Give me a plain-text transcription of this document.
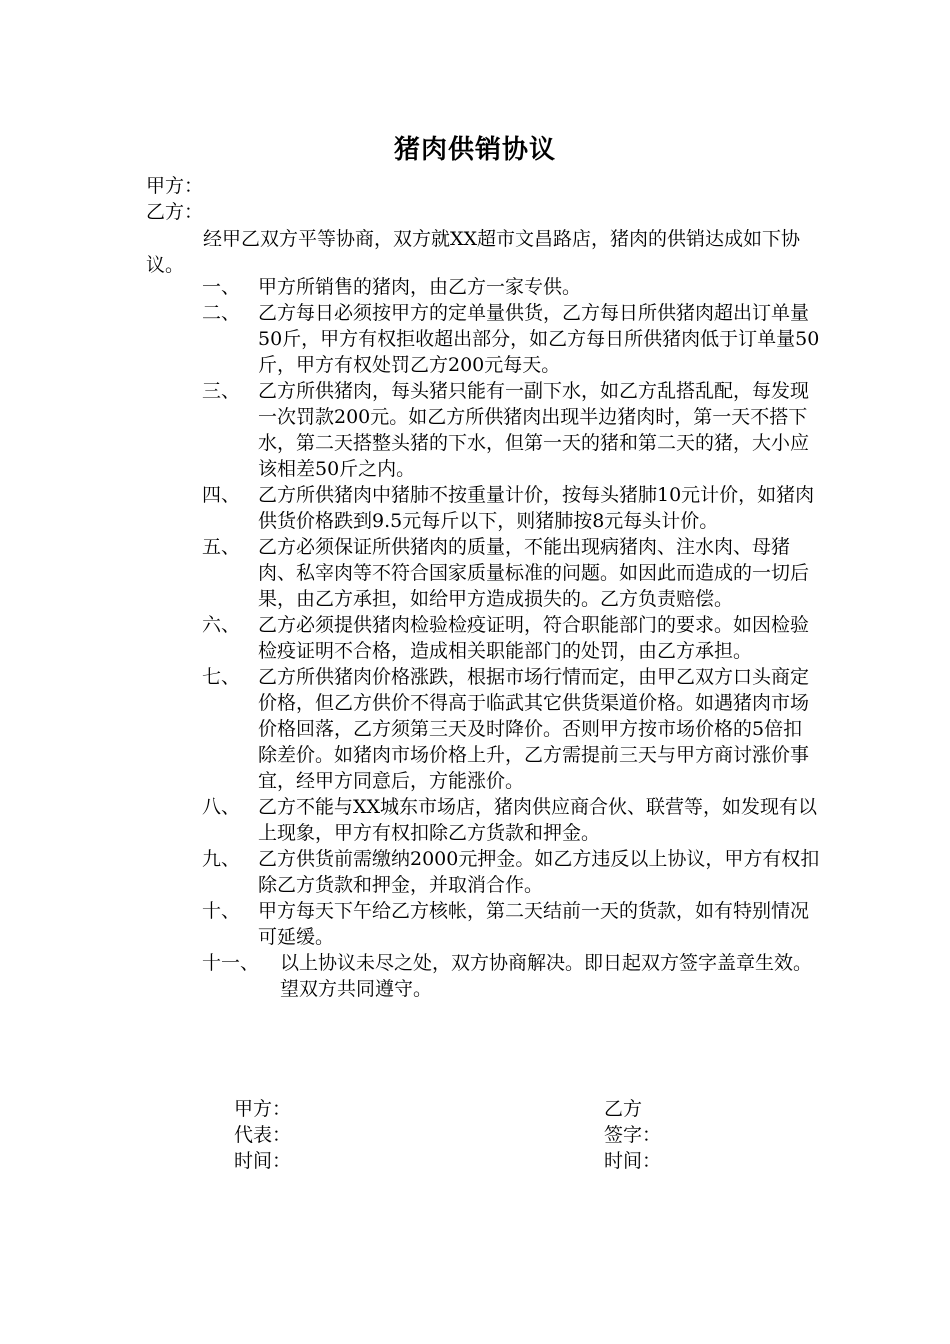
猪肉供销协议
甲方：
乙方：
经甲乙双方平等协商，双方就XX超市文昌路店，猪肉的供销达成如下协议。
一、 甲方所销售的猪肉，由乙方一家专供。
二、 乙方每日必须按甲方的定单量供货，乙方每日所供猪肉超出订单量50斤，甲方有权拒收超出部分，如乙方每日所供猪肉低于订单量50斤，甲方有权处罚乙方200元每天。
三、 乙方所供猪肉，每头猪只能有一副下水，如乙方乱搭乱配，每发现一次罚款200元。如乙方所供猪肉出现半边猪肉时，第一天不搭下水，第二天搭整头猪的下水，但第一天的猪和第二天的猪，大小应该相差50斤之内。
四、 乙方所供猪肉中猪肺不按重量计价，按每头猪肺10元计价，如猪肉供货价格跌到9.5元每斤以下，则猪肺按8元每头计价。
五、 乙方必须保证所供猪肉的质量，不能出现病猪肉、注水肉、母猪肉、私宰肉等不符合国家质量标准的问题。如因此而造成的一切后果，由乙方承担，如给甲方造成损失的。乙方负责赔偿。
六、 乙方必须提供猪肉检验检疫证明，符合职能部门的要求。如因检验检疫证明不合格，造成相关职能部门的处罚，由乙方承担。
七、 乙方所供猪肉价格涨跌，根据市场行情而定，由甲乙双方口头商定价格，但乙方供价不得高于临武其它供货渠道价格。如遇猪肉市场价格回落，乙方须第三天及时降价。否则甲方按市场价格的5倍扣除差价。如猪肉市场价格上升，乙方需提前三天与甲方商讨涨价事宜，经甲方同意后，方能涨价。
八、 乙方不能与XX城东市场店，猪肉供应商合伙、联营等，如发现有以上现象，甲方有权扣除乙方货款和押金。
九、 乙方供货前需缴纳2000元押金。如乙方违反以上协议，甲方有权扣除乙方货款和押金，并取消合作。
十、 甲方每天下午给乙方核帐，第二天结前一天的货款，如有特别情况可延缓。
十一、	以上协议未尽之处，双方协商解决。即日起双方签字盖章生效。望双方共同遵守。
甲方：
代表：
时间：
乙方
签字：
时间：
